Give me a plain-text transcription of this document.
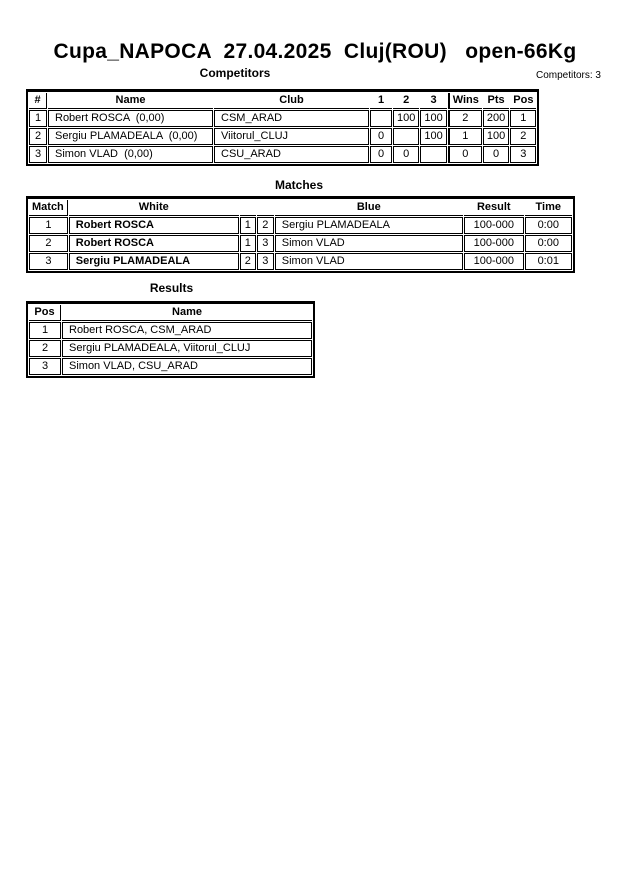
Cupa_NAPOCA  27.04.2025  Cluj(ROU)   open-66Kg
Competitors	Competitors: 3
#	Name	Club	1	2	3	Wins	Pts	Pos
1	Robert ROSCA  (0,00)	CSM_ARAD		100	100	2	200	1
2	Sergiu PLAMADEALA  (0,00)	Viitorul_CLUJ	0		100	1	100	2
3	Simon VLAD  (0,00)	CSU_ARAD	0	0		0	0	3
Matches
Match	White			Blue	Result	Time
1	Robert ROSCA	1	2	Sergiu PLAMADEALA	100-000	0:00
2	Robert ROSCA	1	3	Simon VLAD	100-000	0:00
3	Sergiu PLAMADEALA	2	3	Simon VLAD	100-000	0:01
Results
Pos	Name
1	Robert ROSCA, CSM_ARAD
2	Sergiu PLAMADEALA, Viitorul_CLUJ
3	Simon VLAD, CSU_ARAD
